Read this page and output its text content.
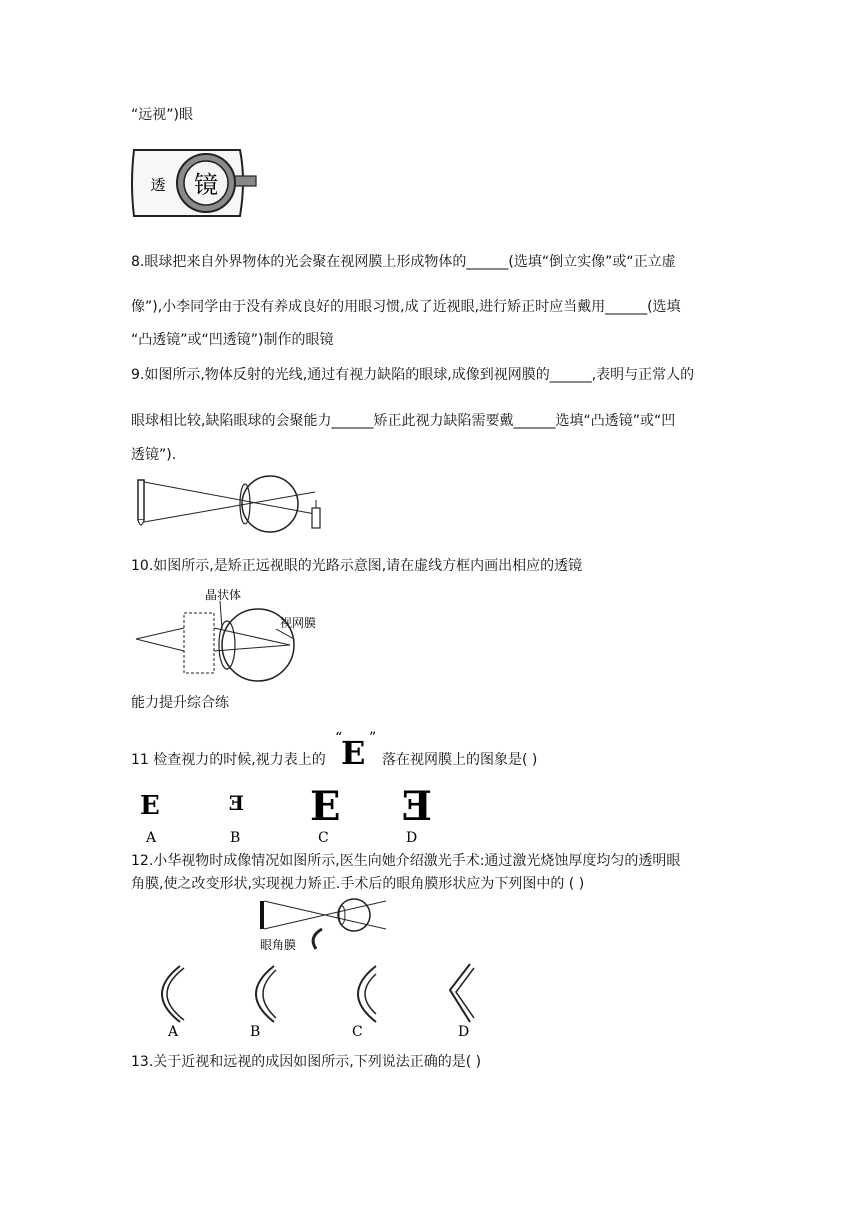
“远视”)眼
透 镜
8.眼球把来自外界物体的光会聚在视网膜上形成物体的______(选填“倒立实像”或“正立虚
像”),小李同学由于没有养成良好的用眼习惯,成了近视眼,进行矫正时应当戴用______(选填
“凸透镜”或“凹透镜”)制作的眼镜
9.如图所示,物体反射的光线,通过有视力缺陷的眼球,成像到视网膜的______,表明与正常人的
眼球相比较,缺陷眼球的会聚能力______矫正此视力缺陷需要戴______选填“凸透镜”或“凹
透镜”).
10.如图所示,是矫正远视眼的光路示意图,请在虚线方框内画出相应的透镜
晶状体
视网膜
能力提升综合练
11 检查视力的时候,视力表上的
“
E ”
落在视网膜上的图象是( )
E
A
E
B
E
C
E
D
12.小华视物时成像情况如图所示,医生向她介绍激光手术:通过激光烧蚀厚度均匀的透明眼
角膜,使之改变形状,实现视力矫正.手术后的眼角膜形状应为下列图中的 ( )
眼角膜
A	B	C	D
13.关于近视和远视的成因如图所示,下列说法正确的是( )
